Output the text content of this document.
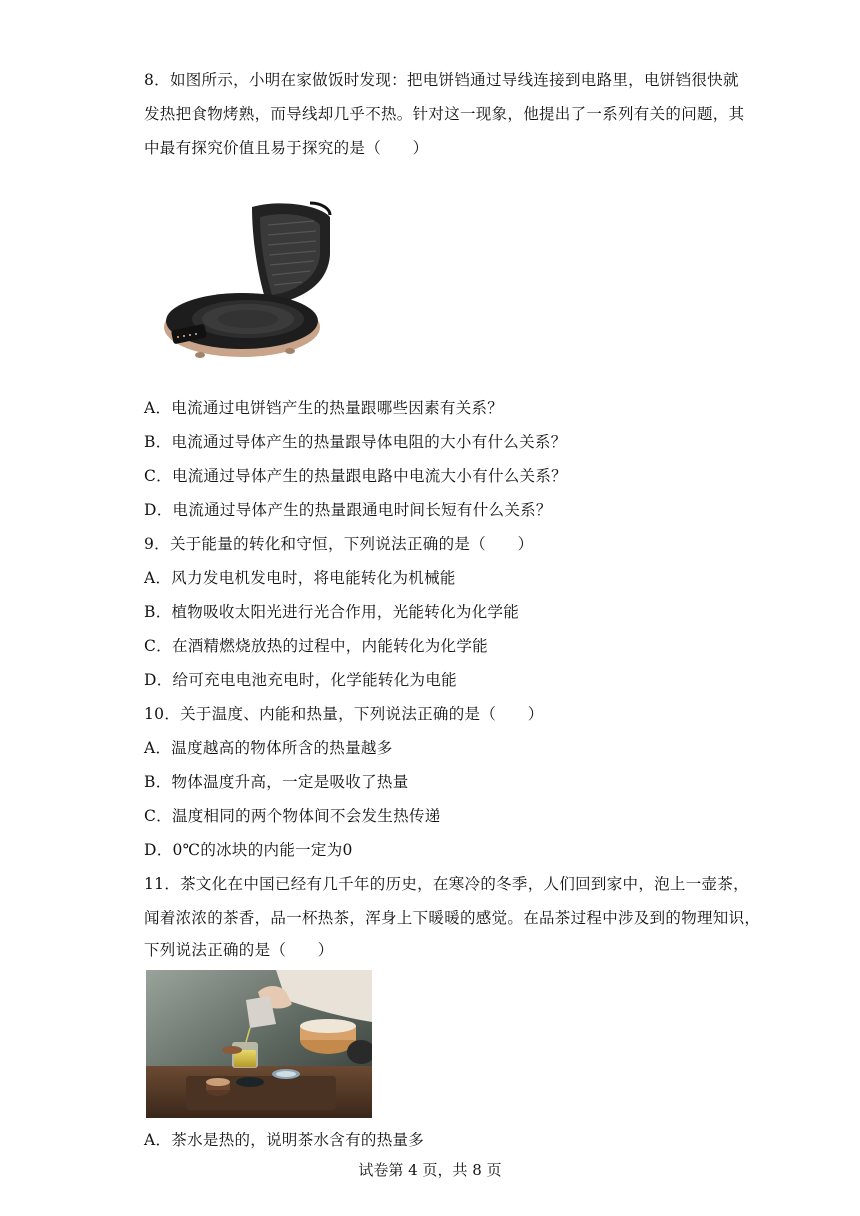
8．如图所示，小明在家做饭时发现：把电饼铛通过导线连接到电路里，电饼铛很快就
发热把食物烤熟，而导线却几乎不热。针对这一现象，他提出了一系列有关的问题，其
中最有探究价值且易于探究的是（　　）
A．电流通过电饼铛产生的热量跟哪些因素有关系？
B．电流通过导体产生的热量跟导体电阻的大小有什么关系？
C．电流通过导体产生的热量跟电路中电流大小有什么关系？
D．电流通过导体产生的热量跟通电时间长短有什么关系？
9．关于能量的转化和守恒，下列说法正确的是（　　）
A．风力发电机发电时，将电能转化为机械能
B．植物吸收太阳光进行光合作用，光能转化为化学能
C．在酒精燃烧放热的过程中，内能转化为化学能
D．给可充电电池充电时，化学能转化为电能
10．关于温度、内能和热量，下列说法正确的是（　　）
A．温度越高的物体所含的热量越多
B．物体温度升高，一定是吸收了热量
C．温度相同的两个物体间不会发生热传递
D．0℃的冰块的内能一定为0
11．茶文化在中国已经有几千年的历史，在寒冷的冬季，人们回到家中，泡上一壶茶，
闻着浓浓的茶香，品一杯热茶，浑身上下暖暖的感觉。在品茶过程中涉及到的物理知识，
下列说法正确的是（　　）
A．茶水是热的，说明茶水含有的热量多
试卷第 4 页，共 8 页
